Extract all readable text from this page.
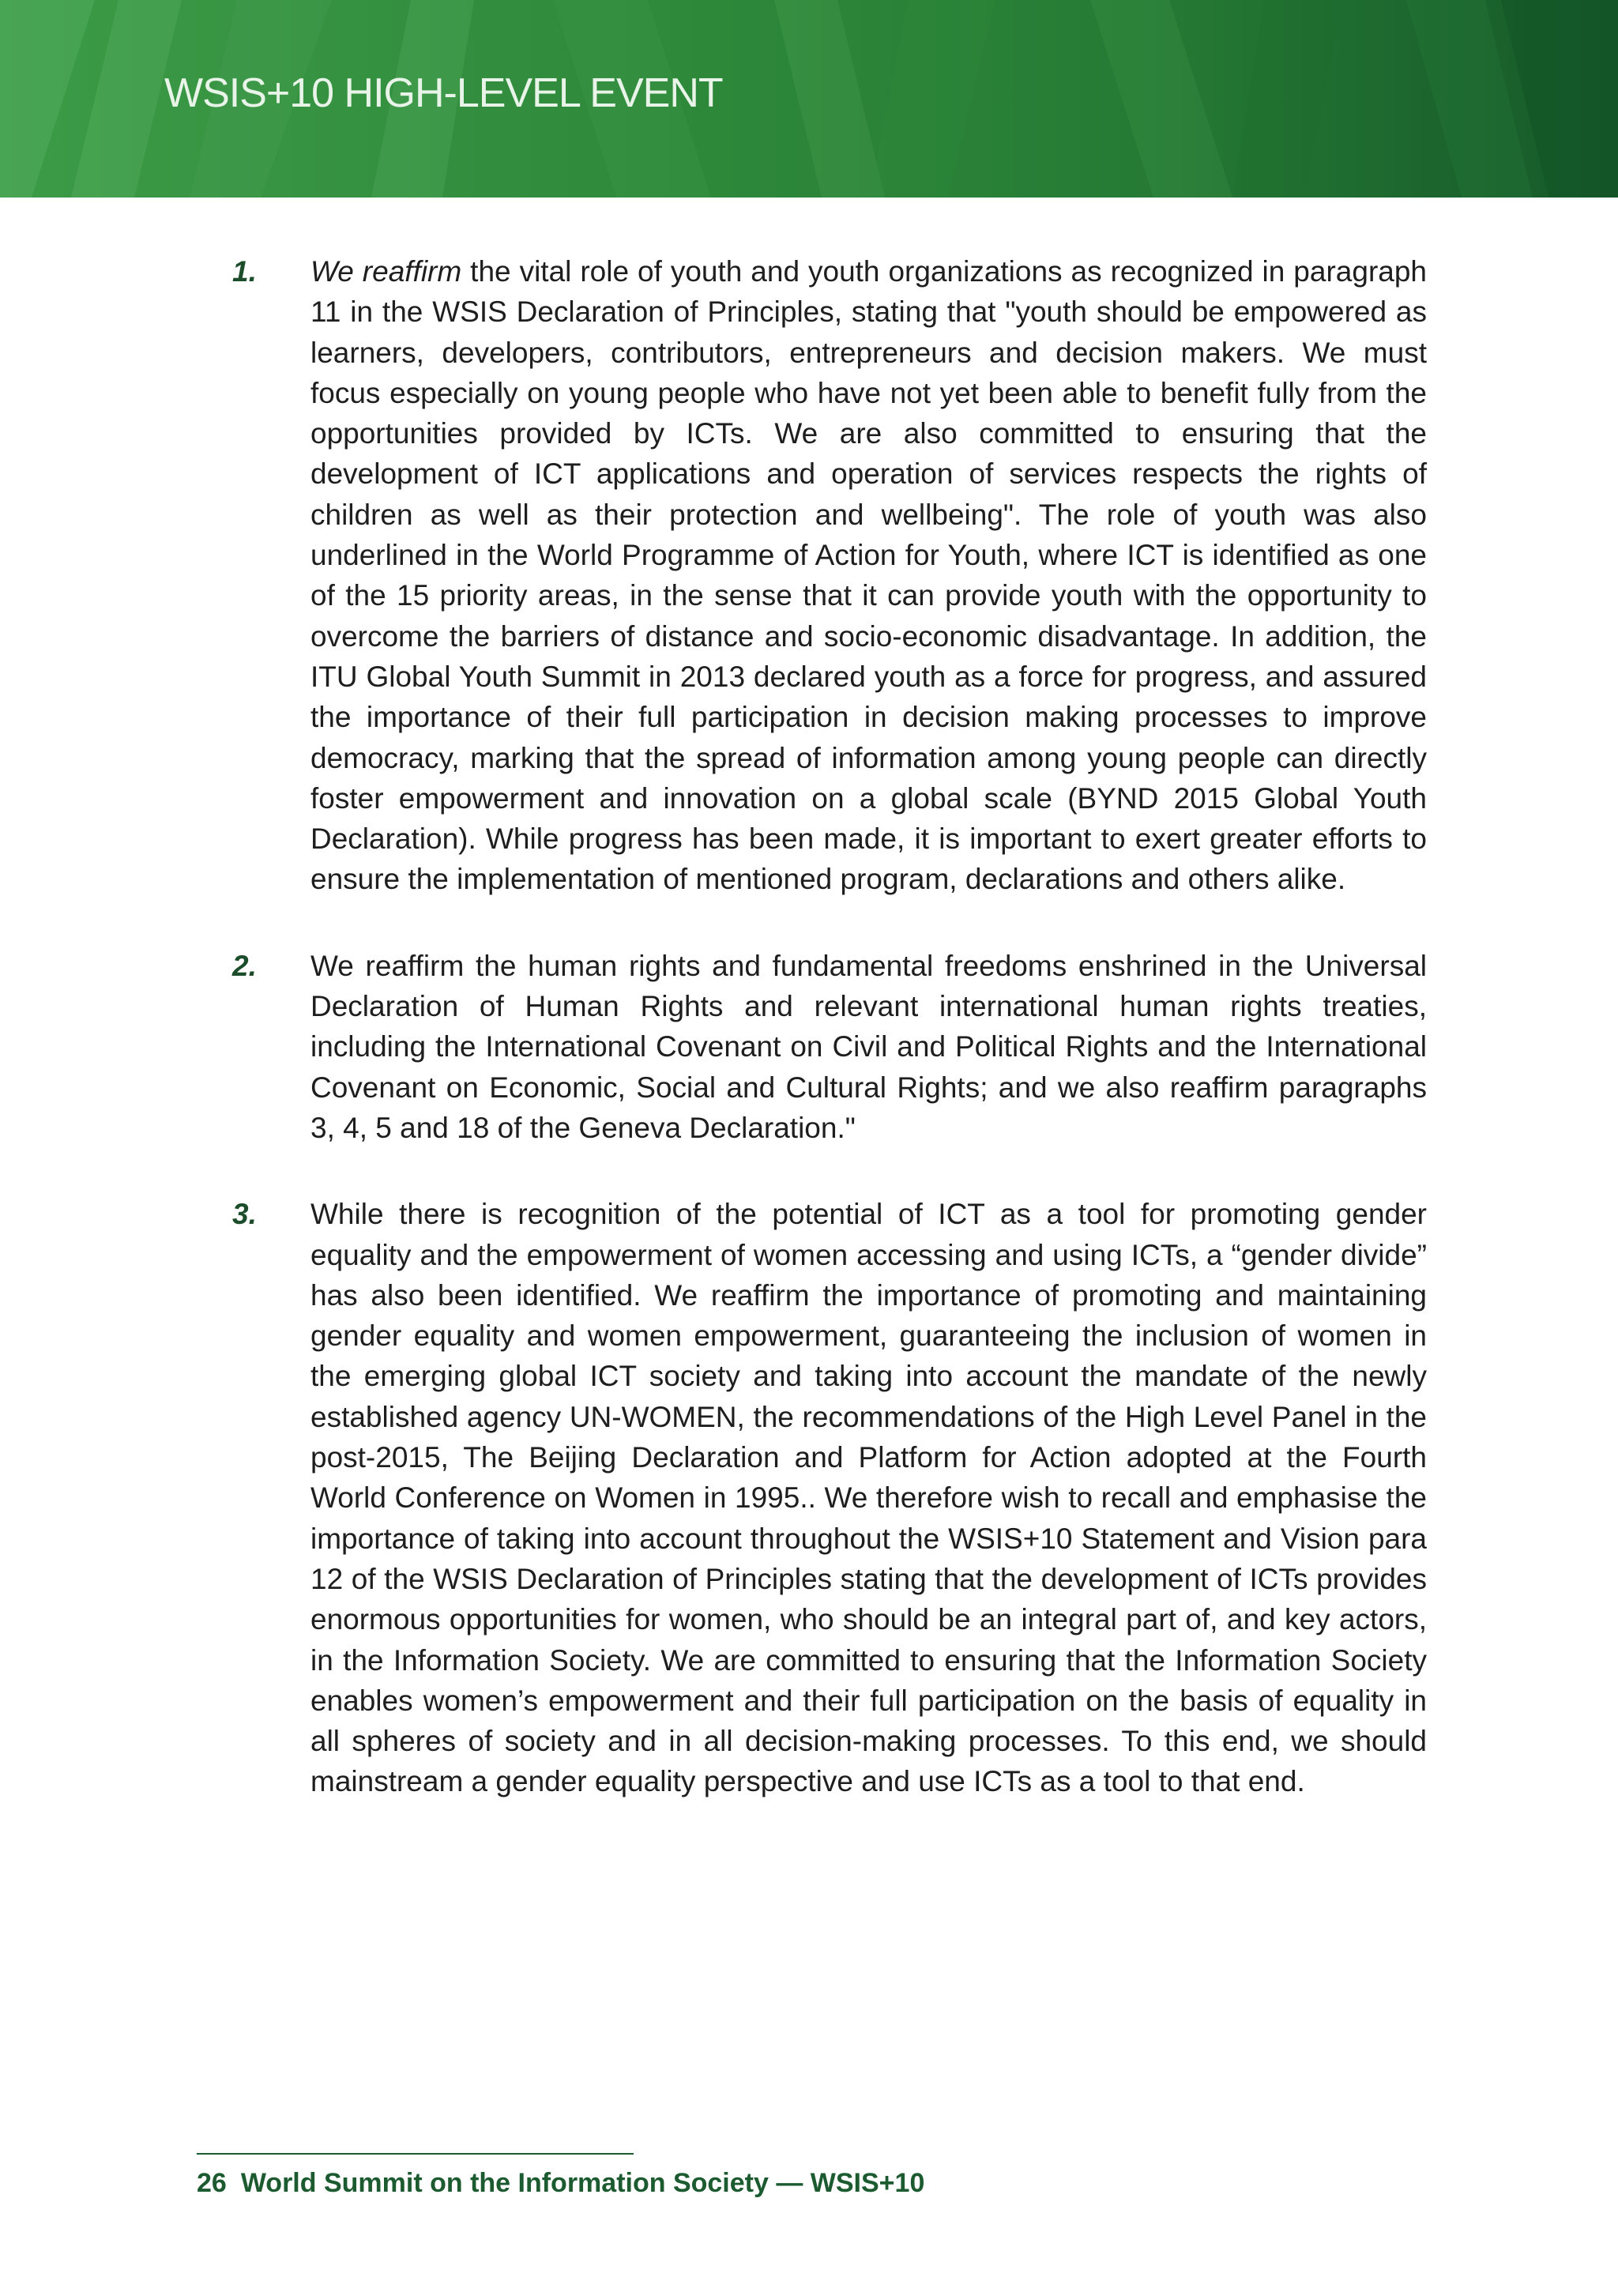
WSIS+10 HIGH-LEVEL EVENT
1. We reaffirm the vital role of youth and youth organizations as recognized in paragraph 11 in the WSIS Declaration of Principles, stating that "youth should be empowered as learners, developers, contributors, entrepreneurs and decision makers. We must focus especially on young people who have not yet been able to benefit fully from the opportunities provided by ICTs. We are also committed to ensuring that the development of ICT applications and operation of services respects the rights of children as well as their protection and wellbeing". The role of youth was also underlined in the World Programme of Action for Youth, where ICT is identified as one of the 15 priority areas, in the sense that it can provide youth with the opportunity to overcome the barriers of distance and socio-economic disadvantage. In addition, the ITU Global Youth Summit in 2013 declared youth as a force for progress, and assured the importance of their full participation in decision making processes to improve democracy, marking that the spread of information among young people can directly foster empowerment and innovation on a global scale (BYND 2015 Global Youth Declaration). While progress has been made, it is important to exert greater efforts to ensure the implementation of mentioned program, declarations and others alike.
2. We reaffirm the human rights and fundamental freedoms enshrined in the Universal Declaration of Human Rights and relevant international human rights treaties, including the International Covenant on Civil and Political Rights and the International Covenant on Economic, Social and Cultural Rights; and we also reaffirm paragraphs 3, 4, 5 and 18 of the Geneva Declaration."
3. While there is recognition of the potential of ICT as a tool for promoting gender equality and the empowerment of women accessing and using ICTs, a “gender divide” has also been identified. We reaffirm the importance of promoting and maintaining gender equality and women empowerment, guaranteeing the inclusion of women in the emerging global ICT society and taking into account the mandate of the newly established agency UN-WOMEN, the recommendations of the High Level Panel in the post-2015, The Beijing Declaration and Platform for Action adopted at the Fourth World Conference on Women in 1995.. We therefore wish to recall and emphasise the importance of taking into account throughout the WSIS+10 Statement and Vision para 12 of the WSIS Declaration of Principles stating that the development of ICTs provides enormous opportunities for women, who should be an integral part of, and key actors, in the Information Society. We are committed to ensuring that the Information Society enables women’s empowerment and their full participation on the basis of equality in all spheres of society and in all decision-making processes. To this end, we should mainstream a gender equality perspective and use ICTs as a tool to that end.
26 World Summit on the Information Society — WSIS+10
